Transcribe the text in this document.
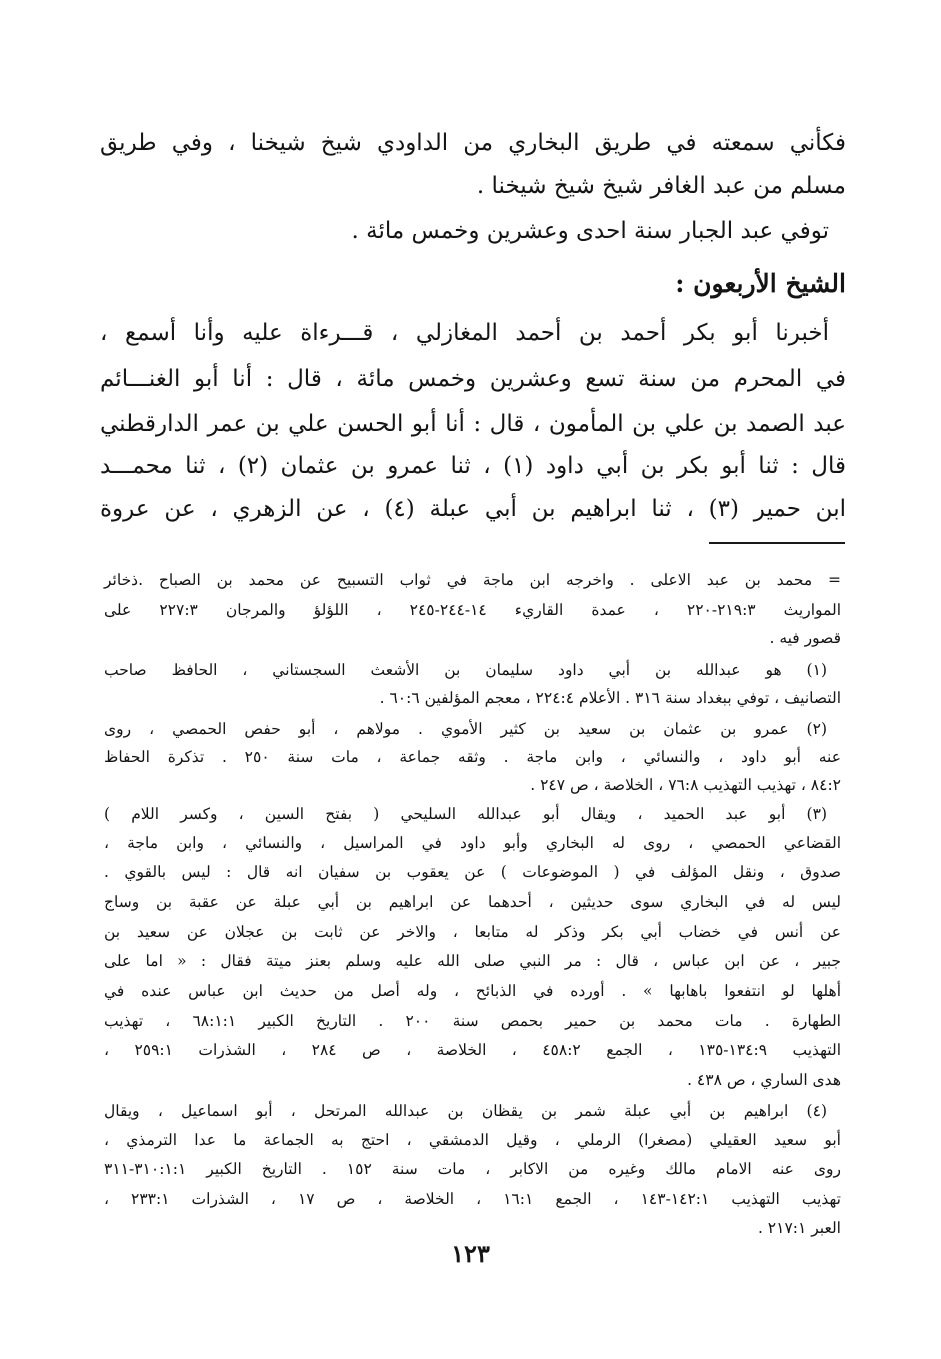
فكأني سمعته في طريق البخاري من الداودي شيخ شيخنا ، وفي طريق
مسلم من عبد الغافر شيخ شيخ شيخنا .
توفي عبد الجبار سنة احدى وعشرين وخمس مائة .
الشيخ الأربعون :
أخبرنا أبو بكر أحمد بن أحمد المغازلي ، قـــرءاة عليه وأنا أسمع ،
في المحرم من سنة تسع وعشرين وخمس مائة ، قال : أنا أبو الغنـــائم
عبد الصمد بن علي بن المأمون ، قال : أنا أبو الحسن علي بن عمر الدارقطني
قال : ثنا أبو بكر بن أبي داود (١) ، ثنا عمرو بن عثمان (٢) ، ثنا محمـــد
ابن حمير (٣) ، ثنا ابراهيم بن أبي عبلة (٤) ، عن الزهري ، عن عروة
= محمد بن عبد الاعلى . واخرجه ابن ماجة في ثواب التسبيح عن محمد بن الصباح .ذخائر
المواريث ٢١٩:٣-٢٢٠ ، عمدة القاريء ١٤-٢٤٤-٢٤٥ ، اللؤلؤ والمرجان ٢٢٧:٣ على
قصور فيه .
(١) هو عبدالله بن أبي داود سليمان بن الأشعث السجستاني ، الحافظ صاحب
التصانيف ، توفي ببغداد سنة ٣١٦ . الأعلام ٢٢٤:٤ ، معجم المؤلفين ٦٠:٦ .
(٢) عمرو بن عثمان بن سعيد بن كثير الأموي . مولاهم ، أبو حفص الحمصي ، روى
عنه أبو داود ، والنسائي ، وابن ماجة . وثقه جماعة ، مات سنة ٢٥٠ . تذكرة الحفاظ
٨٤:٢ ، تهذيب التهذيب ٧٦:٨ ، الخلاصة ، ص ٢٤٧ .
(٣) أبو عبد الحميد ، ويقال أبو عبدالله السليحي ( بفتح السين ، وكسر اللام )
القضاعي الحمصي ، روى له البخاري وأبو داود في المراسيل ، والنسائي ، وابن ماجة ،
صدوق ، ونقل المؤلف في ( الموضوعات ) عن يعقوب بن سفيان انه قال : ليس بالقوي .
ليس له في البخاري سوى حديثين ، أحدهما عن ابراهيم بن أبي عبلة عن عقبة بن وساج
عن أنس في خضاب أبي بكر وذكر له متابعا ، والاخر عن ثابت بن عجلان عن سعيد بن
جبير ، عن ابن عباس ، قال : مر النبي صلى الله عليه وسلم بعنز ميتة فقال : « اما على
أهلها لو انتفعوا باهابها » . أورده في الذبائح ، وله أصل من حديث ابن عباس عنده في
الطهارة . مات محمد بن حمير بحمص سنة ٢٠٠ . التاريخ الكبير ٦٨:١:١ ، تهذيب
التهذيب ١٣٤:٩-١٣٥ ، الجمع ٤٥٨:٢ ، الخلاصة ، ص ٢٨٤ ، الشذرات ٢٥٩:١ ،
هدى الساري ، ص ٤٣٨ .
(٤) ابراهيم بن أبي عبلة شمر بن يقظان بن عبدالله المرتحل ، أبو اسماعيل ، ويقال
أبو سعيد العقيلي (مصغرا) الرملي ، وقيل الدمشقي ، احتج به الجماعة ما عدا الترمذي ،
روى عنه الامام مالك وغيره من الاكابر ، مات سنة ١٥٢ . التاريخ الكبير ٣١٠:١:١-٣١١
تهذيب التهذيب ١٤٢:١-١٤٣ ، الجمع ١٦:١ ، الخلاصة ، ص ١٧ ، الشذرات ٢٣٣:١ ،
العبر ٢١٧:١ .
١٢٣
